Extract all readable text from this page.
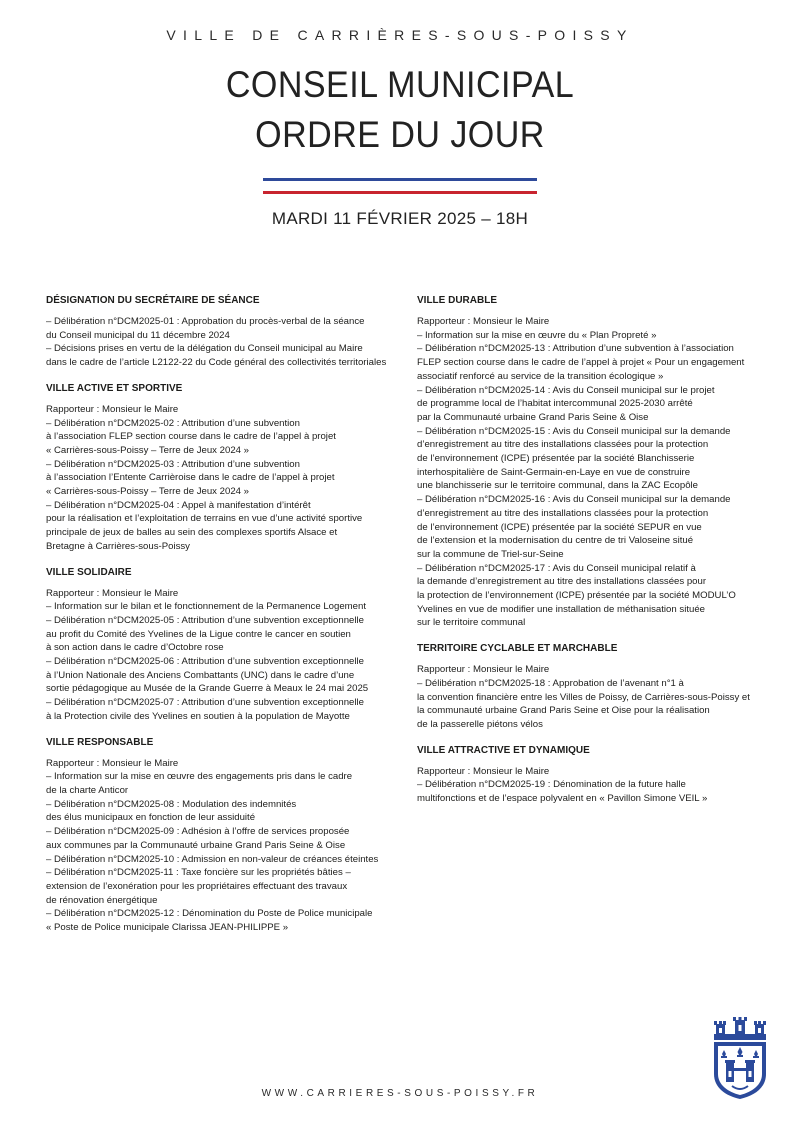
VILLE DE CARRIÈRES-SOUS-POISSY
CONSEIL MUNICIPAL
ORDRE DU JOUR
MARDI 11 FÉVRIER 2025 – 18H
DÉSIGNATION DU SECRÉTAIRE DE SÉANCE
– Délibération n°DCM2025-01 : Approbation du procès-verbal de la séance
du Conseil municipal du 11 décembre 2024
– Décisions prises en vertu de la délégation du Conseil municipal au Maire
dans le cadre de l’article L2122-22 du Code général des collectivités territoriales
VILLE ACTIVE ET SPORTIVE
Rapporteur : Monsieur le Maire
– Délibération n°DCM2025-02 : Attribution d’une subvention
à l’association FLEP section course dans le cadre de l’appel à projet
« Carrières-sous-Poissy – Terre de Jeux 2024 »
– Délibération n°DCM2025-03 : Attribution d’une subvention
à l’association l’Entente Carrièroise dans le cadre de l’appel à projet
« Carrières-sous-Poissy – Terre de Jeux 2024 »
– Délibération n°DCM2025-04 : Appel à manifestation d’intérêt
pour la réalisation et l’exploitation de terrains en vue d’une activité sportive
principale de jeux de balles au sein des complexes sportifs Alsace et
Bretagne à Carrières-sous-Poissy
VILLE SOLIDAIRE
Rapporteur : Monsieur le Maire
– Information sur le bilan et le fonctionnement de la Permanence Logement
– Délibération n°DCM2025-05 : Attribution d’une subvention exceptionnelle
au profit du Comité des Yvelines de la Ligue contre le cancer en soutien
à son action dans le cadre d’Octobre rose
– Délibération n°DCM2025-06 : Attribution d’une subvention exceptionnelle
à l’Union Nationale des Anciens Combattants (UNC) dans le cadre d’une
sortie pédagogique au Musée de la Grande Guerre à Meaux le 24 mai 2025
– Délibération n°DCM2025-07 : Attribution d’une subvention exceptionnelle
à la Protection civile des Yvelines en soutien à la population de Mayotte
VILLE RESPONSABLE
Rapporteur : Monsieur le Maire
– Information sur la mise en œuvre des engagements pris dans le cadre
de la charte Anticor
– Délibération n°DCM2025-08 : Modulation des indemnités
des élus municipaux en fonction de leur assiduité
– Délibération n°DCM2025-09 : Adhésion à l’offre de services proposée
aux communes par la Communauté urbaine Grand Paris Seine & Oise
– Délibération n°DCM2025-10 : Admission en non-valeur de créances éteintes
– Délibération n°DCM2025-11 : Taxe foncière sur les propriétés bâties –
extension de l’exonération pour les propriétaires effectuant des travaux
de rénovation énergétique
– Délibération n°DCM2025-12 : Dénomination du Poste de Police municipale
« Poste de Police municipale Clarissa JEAN-PHILIPPE »
VILLE DURABLE
Rapporteur : Monsieur le Maire
– Information sur la mise en œuvre du « Plan Propreté »
– Délibération n°DCM2025-13 : Attribution d’une subvention à l’association
FLEP section course dans le cadre de l’appel à projet « Pour un engagement
associatif renforcé au service de la transition écologique »
– Délibération n°DCM2025-14 : Avis du Conseil municipal sur le projet
de programme local de l’habitat intercommunal 2025-2030 arrêté
par la Communauté urbaine Grand Paris Seine & Oise
– Délibération n°DCM2025-15 : Avis du Conseil municipal sur la demande
d’enregistrement au titre des installations classées pour la protection
de l’environnement (ICPE) présentée par la société Blanchisserie
interhospitalière de Saint-Germain-en-Laye en vue de construire
une blanchisserie sur le territoire communal, dans la ZAC Ecopôle
– Délibération n°DCM2025-16 : Avis du Conseil municipal sur la demande
d’enregistrement au titre des installations classées pour la protection
de l’environnement (ICPE) présentée par la société SEPUR en vue
de l’extension et la modernisation du centre de tri Valoseine situé
sur la commune de Triel-sur-Seine
– Délibération n°DCM2025-17 : Avis du Conseil municipal relatif à
la demande d’enregistrement au titre des installations classées pour
la protection de l’environnement (ICPE) présentée par la société MODUL’O
Yvelines en vue de modifier une installation de méthanisation située
sur le territoire communal
TERRITOIRE CYCLABLE ET MARCHABLE
Rapporteur : Monsieur le Maire
– Délibération n°DCM2025-18 : Approbation de l’avenant n°1 à
la convention financière entre les Villes de Poissy, de Carrières-sous-Poissy et
la communauté urbaine Grand Paris Seine et Oise pour la réalisation
de la passerelle piétons vélos
VILLE ATTRACTIVE ET DYNAMIQUE
Rapporteur : Monsieur le Maire
– Délibération n°DCM2025-19 : Dénomination de la future halle
multifonctions et de l’espace polyvalent en « Pavillon Simone VEIL »
WWW.CARRIERES-SOUS-POISSY.FR
